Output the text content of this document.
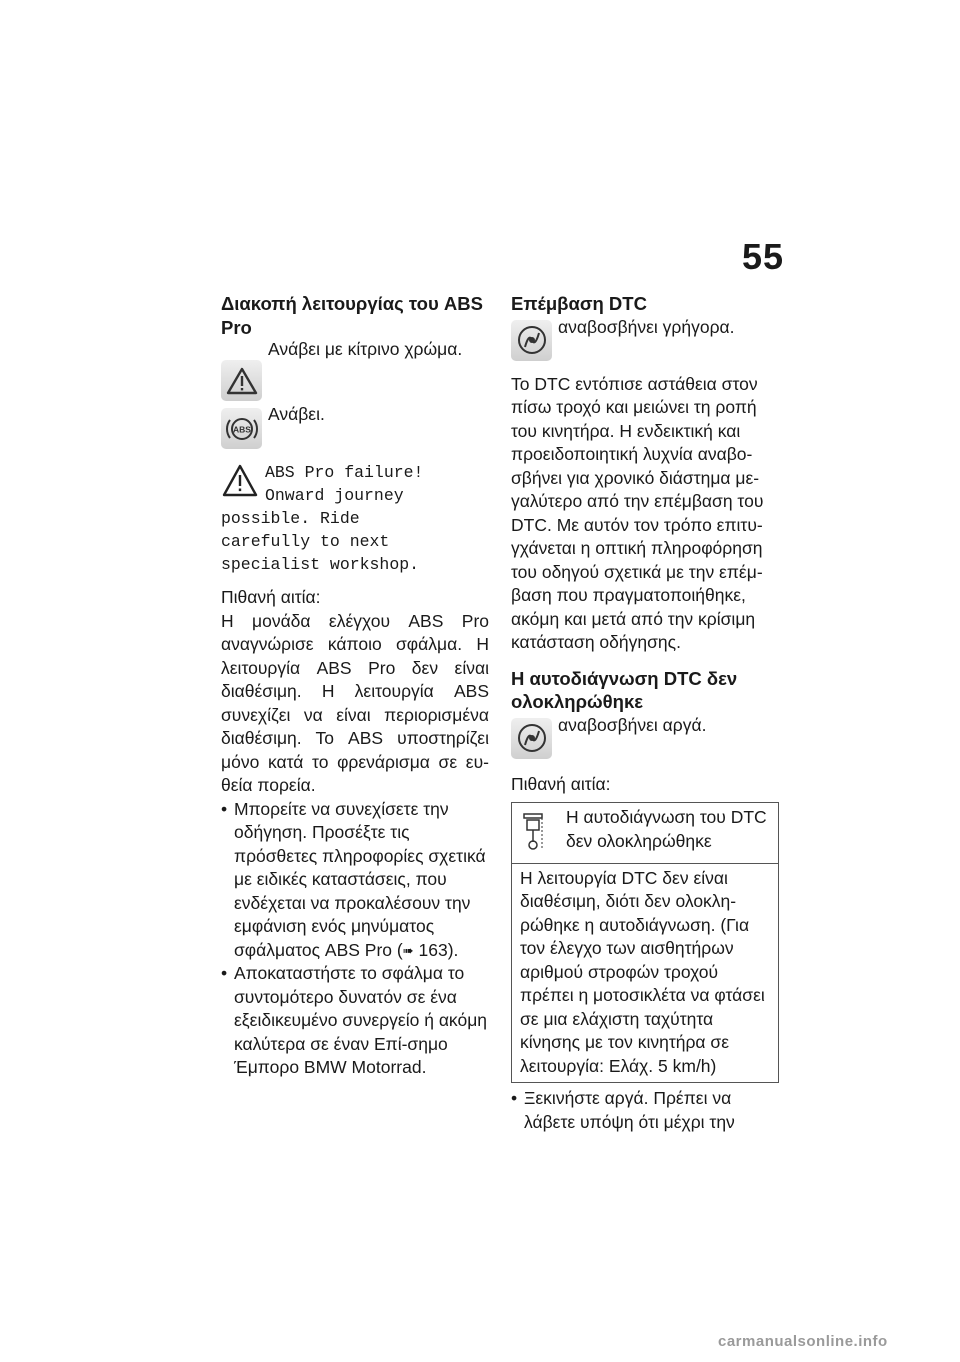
55
Διακοπή λειτουργίας του ABS Pro

Ανάβει με κίτρινο χρώμα.

ABS

Ανάβει.

ABS Pro failure!
Onward journey
possible. Ride
carefully to next
specialist workshop.

Πιθανή αιτία:

Η μονάδα ελέγχου ABS Pro αναγνώρισε κάποιο σφάλμα. Η λειτουργία ABS Pro δεν είναι διαθέσιμη. Η λειτουργία ABS συνεχίζει να είναι περιορισμένα διαθέσιμη. Το ABS υποστηρίζει μόνο κατά το φρενάρισμα σε ευ-θεία πορεία.

• Μπορείτε να συνεχίσετε την οδήγηση. Προσέξτε τις πρόσθετες πληροφορίες σχετικά με ειδικές καταστάσεις, που ενδέχεται να προκαλέσουν την εμφάνιση ενός μηνύματος σφάλματος ABS Pro (➠ 163).
• Αποκαταστήστε το σφάλμα το συντομότερο δυνατόν σε ένα εξειδικευμένο συνεργείο ή ακόμη καλύτερα σε έναν Επί-σημο Έμπορο BMW Motorrad.
Επέμβαση DTC

αναβοσβήνει γρήγορα.

Το DTC εντόπισε αστάθεια στον πίσω τροχό και μειώνει τη ροπή του κινητήρα. Η ενδεικτική και προειδοποιητική λυχνία αναβο-σβήνει για χρονικό διάστημα με-γαλύτερο από την επέμβαση του DTC. Με αυτόν τον τρόπο επιτυ-γχάνεται η οπτική πληροφόρηση του οδηγού σχετικά με την επέμ-βαση που πραγματοποιήθηκε, ακόμη και μετά από την κρίσιμη κατάσταση οδήγησης.

Η αυτοδιάγνωση DTC δεν ολοκληρώθηκε

αναβοσβήνει αργά.

Πιθανή αιτία:

Η αυτοδιάγνωση του DTC δεν ολοκληρώθηκε

Η λειτουργία DTC δεν είναι διαθέσιμη, διότι δεν ολοκλη-ρώθηκε η αυτοδιάγνωση. (Για τον έλεγχο των αισθητήρων αριθμού στροφών τροχού πρέπει η μοτοσικλέτα να φτάσει σε μια ελάχιστη ταχύτητα κίνησης με τον κινητήρα σε λειτουργία: Ελάχ. 5 km/h)
• Ξεκινήστε αργά. Πρέπει να λάβετε υπόψη ότι μέχρι την
carmanualsonline.info
